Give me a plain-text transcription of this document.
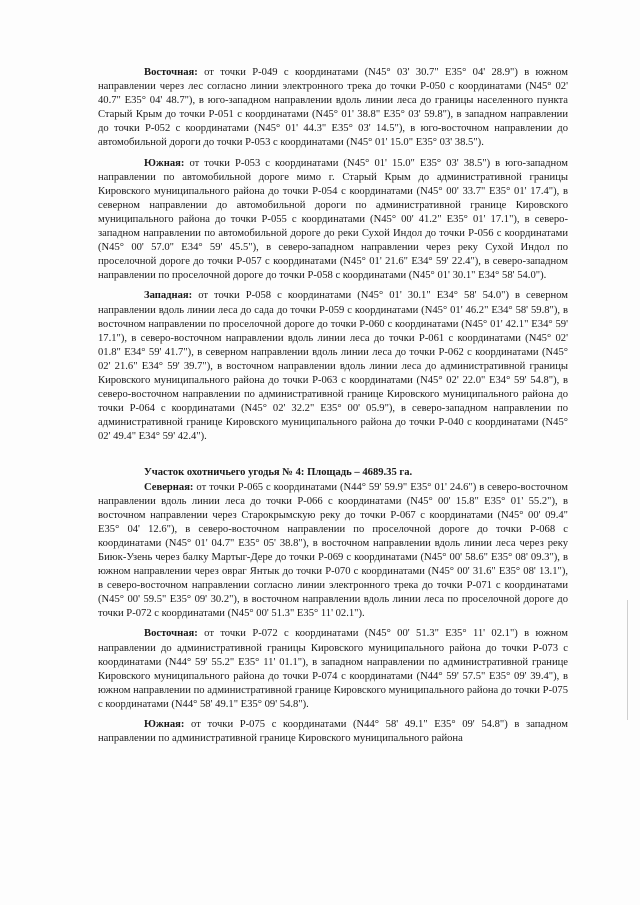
Восточная: от точки Р-049 с координатами (N45° 03' 30.7" E35° 04' 28.9") в южном направлении через лес согласно линии электронного трека до точки Р-050 с координатами (N45° 02' 40.7" E35° 04' 48.7"), в юго-западном направлении вдоль линии леса до границы населенного пункта Старый Крым до точки Р-051 с координатами (N45° 01' 38.8" E35° 03' 59.8"), в западном направлении до точки Р-052 с координатами (N45° 01' 44.3" E35° 03' 14.5"), в юго-восточном направлении до автомобильной дороги до точки Р-053 с координатами (N45° 01' 15.0" E35° 03' 38.5").

Южная: от точки Р-053 с координатами (N45° 01' 15.0" E35° 03' 38.5") в юго-западном направлении по автомобильной дороге мимо г. Старый Крым до административной границы Кировского муниципального района до точки Р-054 с координатами (N45° 00' 33.7" E35° 01' 17.4"), в северном направлении до автомобильной дороги по административной границе Кировского муниципального района до точки Р-055 с координатами (N45° 00' 41.2" E35° 01' 17.1"), в северо-западном направлении по автомобильной дороге до реки Сухой Индол до точки Р-056 с координатами (N45° 00' 57.0" E34° 59' 45.5"), в северо-западном направлении через реку Сухой Индол по проселочной дороге до точки Р-057 с координатами (N45° 01' 21.6" E34° 59' 22.4"), в северо-западном направлении по проселочной дороге до точки Р-058 с координатами (N45° 01' 30.1" E34° 58' 54.0").

Западная: от точки Р-058 с координатами (N45° 01' 30.1" E34° 58' 54.0") в северном направлении вдоль линии леса до сада до точки Р-059 с координатами (N45° 01' 46.2" E34° 58' 59.8"), в восточном направлении по проселочной дороге до точки Р-060 с координатами (N45° 01' 42.1" E34° 59' 17.1"), в северо-восточном направлении вдоль линии леса до точки Р-061 с координатами (N45° 02' 01.8" E34° 59' 41.7"), в северном направлении вдоль линии леса до точки Р-062 с координатами (N45° 02' 21.6" E34° 59' 39.7"), в восточном направлении вдоль линии леса до административной границы Кировского муниципального района до точки Р-063 с координатами (N45° 02' 22.0" E34° 59' 54.8"), в северо-восточном направлении по административной границе Кировского муниципального района до точки Р-064 с координатами (N45° 02' 32.2" E35° 00' 05.9"), в северо-западном направлении по административной границе Кировского муниципального района до точки Р-040 с координатами (N45° 02' 49.4" E34° 59' 42.4").

Участок охотничьего угодья № 4: Площадь – 4689.35 га.

Северная: от точки Р-065 с координатами (N44° 59' 59.9" E35° 01' 24.6") в северо-восточном направлении вдоль линии леса до точки Р-066 с координатами (N45° 00' 15.8" E35° 01' 55.2"), в восточном направлении через Старокрымскую реку до точки Р-067 с координатами (N45° 00' 09.4" E35° 04' 12.6"), в северо-восточном направлении по проселочной дороге до точки Р-068 с координатами (N45° 01' 04.7" E35° 05' 38.8"), в восточном направлении вдоль линии леса через реку Биюк-Узень через балку Мартыг-Дере до точки Р-069 с координатами (N45° 00' 58.6" E35° 08' 09.3"), в южном направлении через овраг Янтык до точки Р-070 с координатами (N45° 00' 31.6" E35° 08' 13.1"), в северо-восточном направлении согласно линии электронного трека до точки Р-071 с координатами (N45° 00' 59.5" E35° 09' 30.2"), в восточном направлении вдоль линии леса по проселочной дороге до точки Р-072 с координатами (N45° 00' 51.3" E35° 11' 02.1").

Восточная: от точки Р-072 с координатами (N45° 00' 51.3" E35° 11' 02.1") в южном направлении до административной границы Кировского муниципального района до точки Р-073 с координатами (N44° 59' 55.2" E35° 11' 01.1"), в западном направлении по административной границе Кировского муниципального района до точки Р-074 с координатами (N44° 59' 57.5" E35° 09' 39.4"), в южном направлении по административной границе Кировского муниципального района до точки Р-075 с координатами (N44° 58' 49.1" E35° 09' 54.8").

Южная: от точки Р-075 с координатами (N44° 58' 49.1" E35° 09' 54.8") в западном направлении по административной границе Кировского муниципального района
